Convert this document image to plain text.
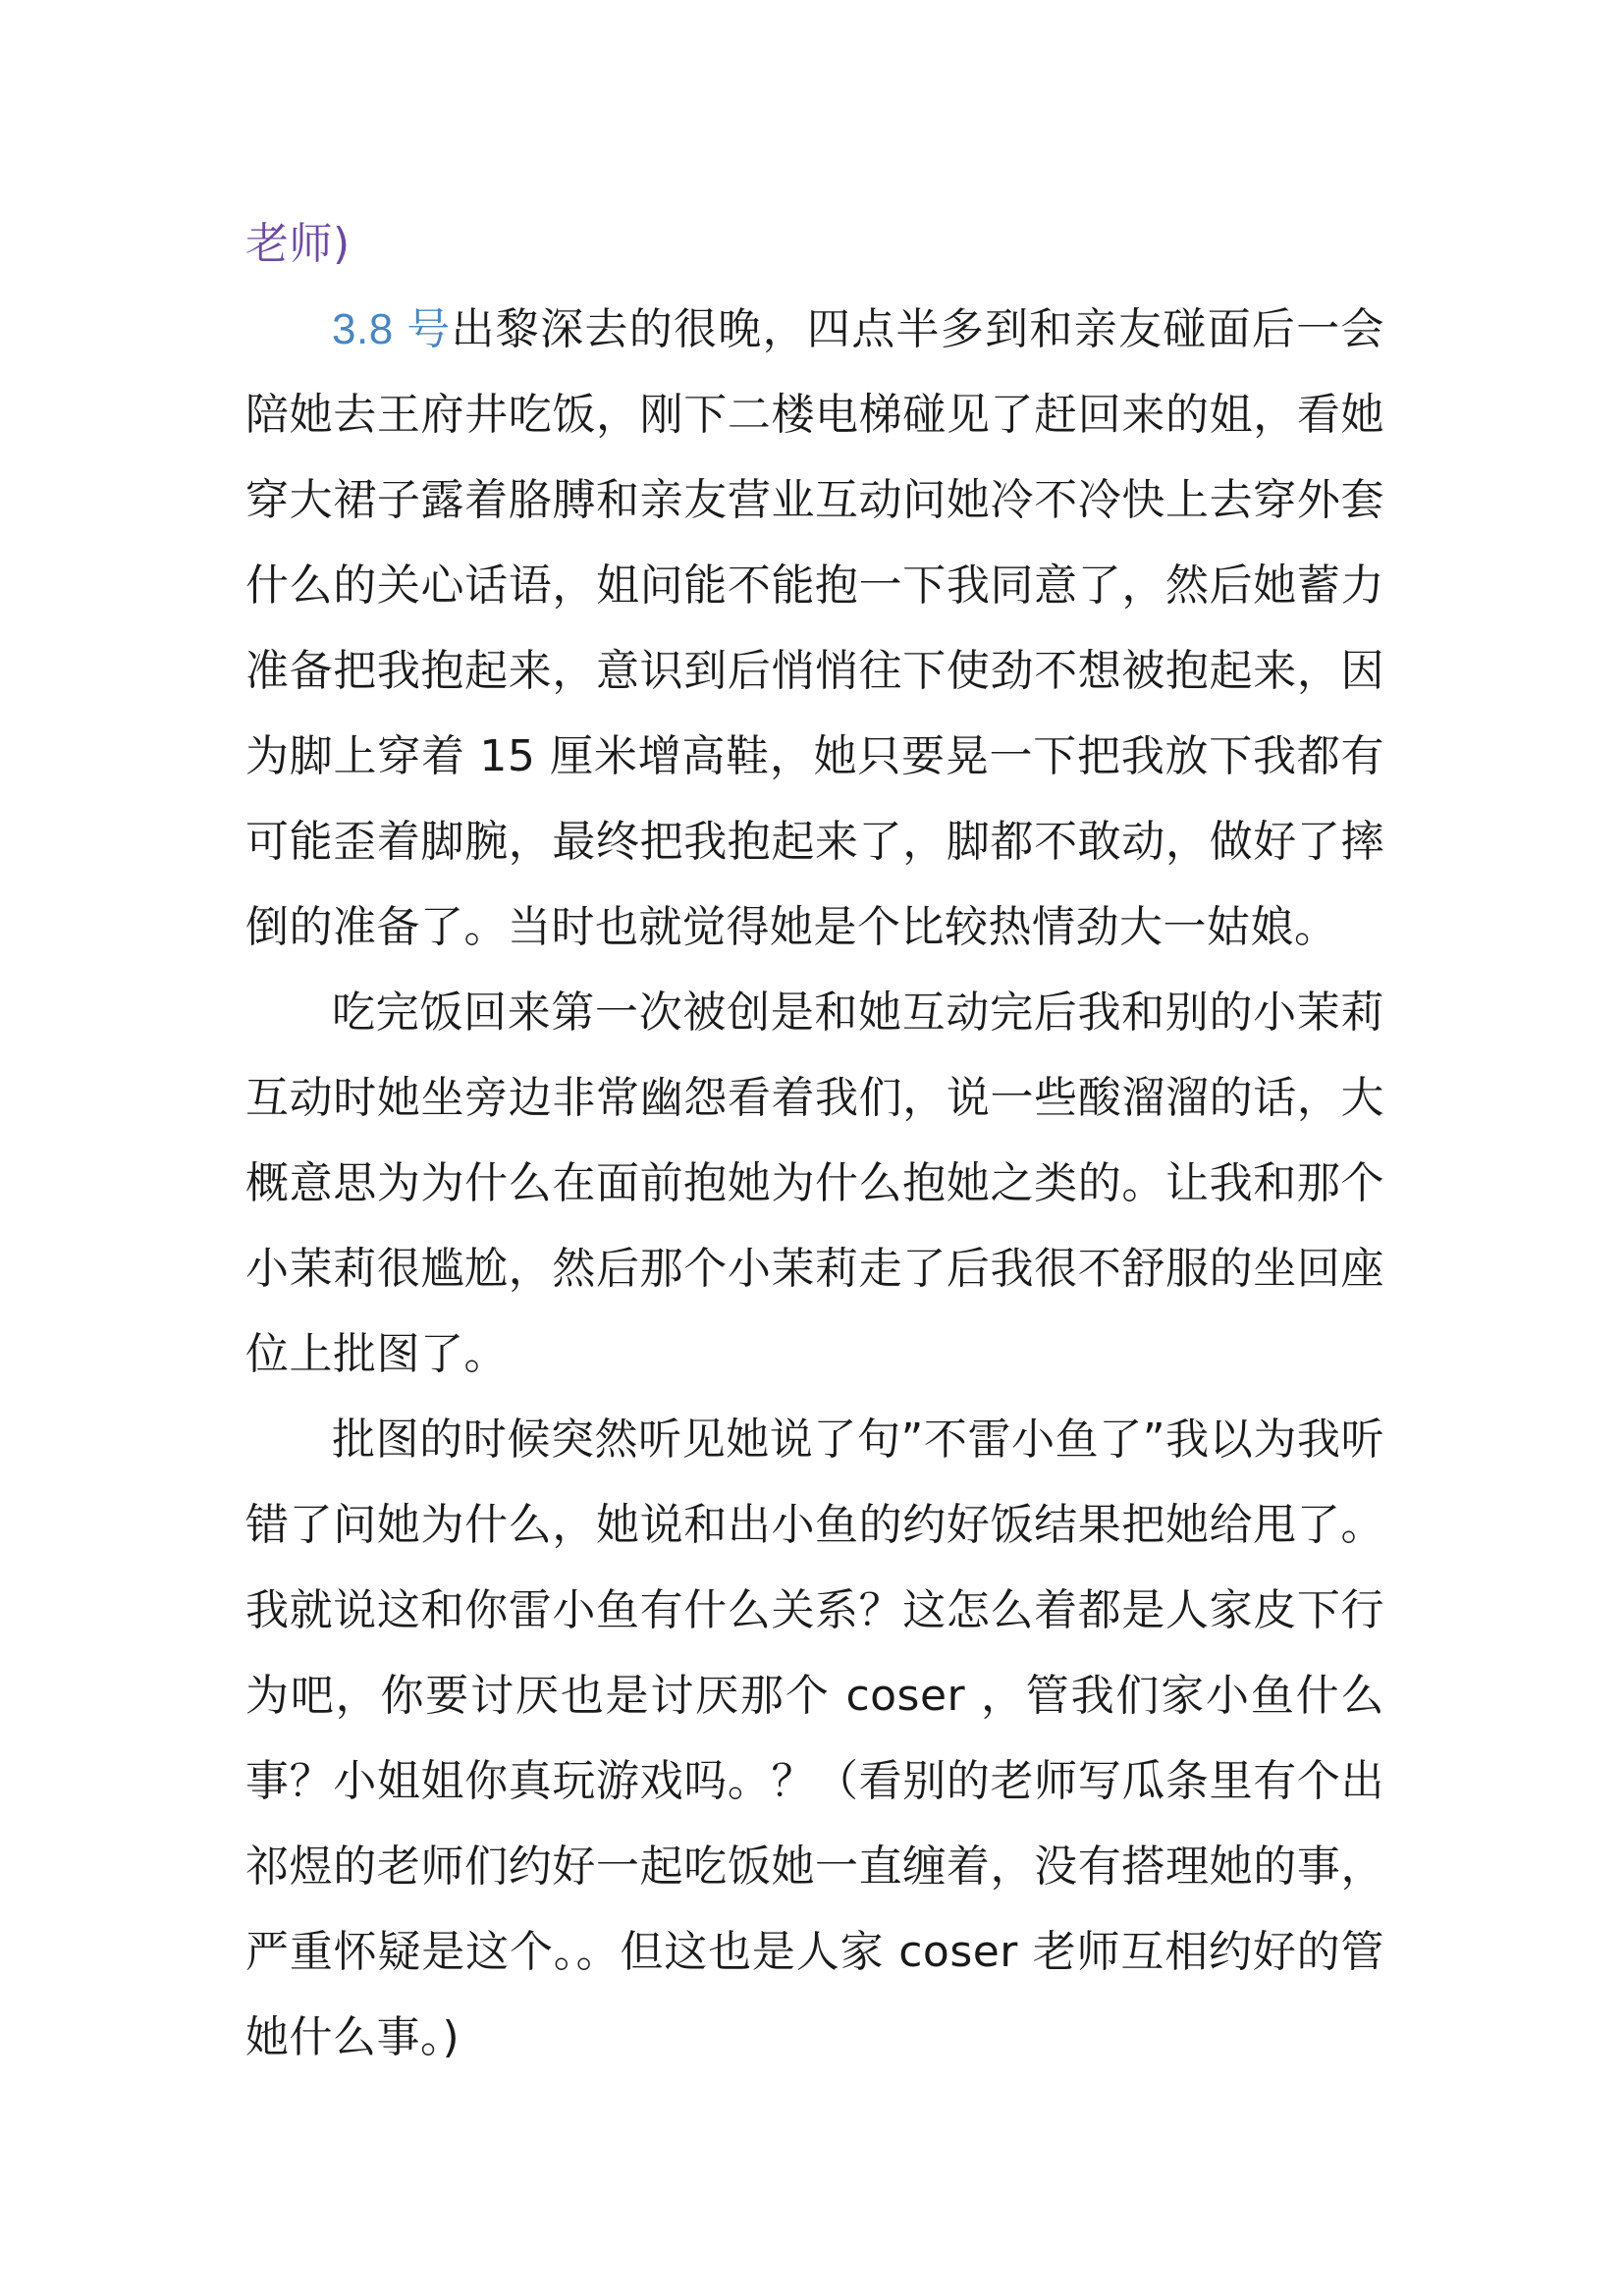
老师)

3.8 号出黎深去的很晚，四点半多到和亲友碰面后一会陪她去王府井吃饭，刚下二楼电梯碰见了赶回来的姐，看她穿大裙子露着胳膊和亲友营业互动问她冷不冷快上去穿外套什么的关心话语，姐问能不能抱一下我同意了，然后她蓄力准备把我抱起来，意识到后悄悄往下使劲不想被抱起来，因为脚上穿着 15 厘米增高鞋，她只要晃一下把我放下我都有可能歪着脚腕，最终把我抱起来了，脚都不敢动，做好了摔倒的准备了。当时也就觉得她是个比较热情劲大一姑娘。

吃完饭回来第一次被创是和她互动完后我和别的小茉莉互动时她坐旁边非常幽怨看着我们，说一些酸溜溜的话，大概意思为为什么在面前抱她为什么抱她之类的。让我和那个小茉莉很尴尬，然后那个小茉莉走了后我很不舒服的坐回座位上批图了。

批图的时候突然听见她说了句”不雷小鱼了”我以为我听错了问她为什么，她说和出小鱼的约好饭结果把她给甩了。我就说这和你雷小鱼有什么关系？这怎么着都是人家皮下行为吧，你要讨厌也是讨厌那个 coser ，管我们家小鱼什么事？小姐姐你真玩游戏吗。？（看别的老师写瓜条里有个出祁煜的老师们约好一起吃饭她一直缠着，没有搭理她的事，严重怀疑是这个。。但这也是人家 coser 老师互相约好的管她什么事。)
